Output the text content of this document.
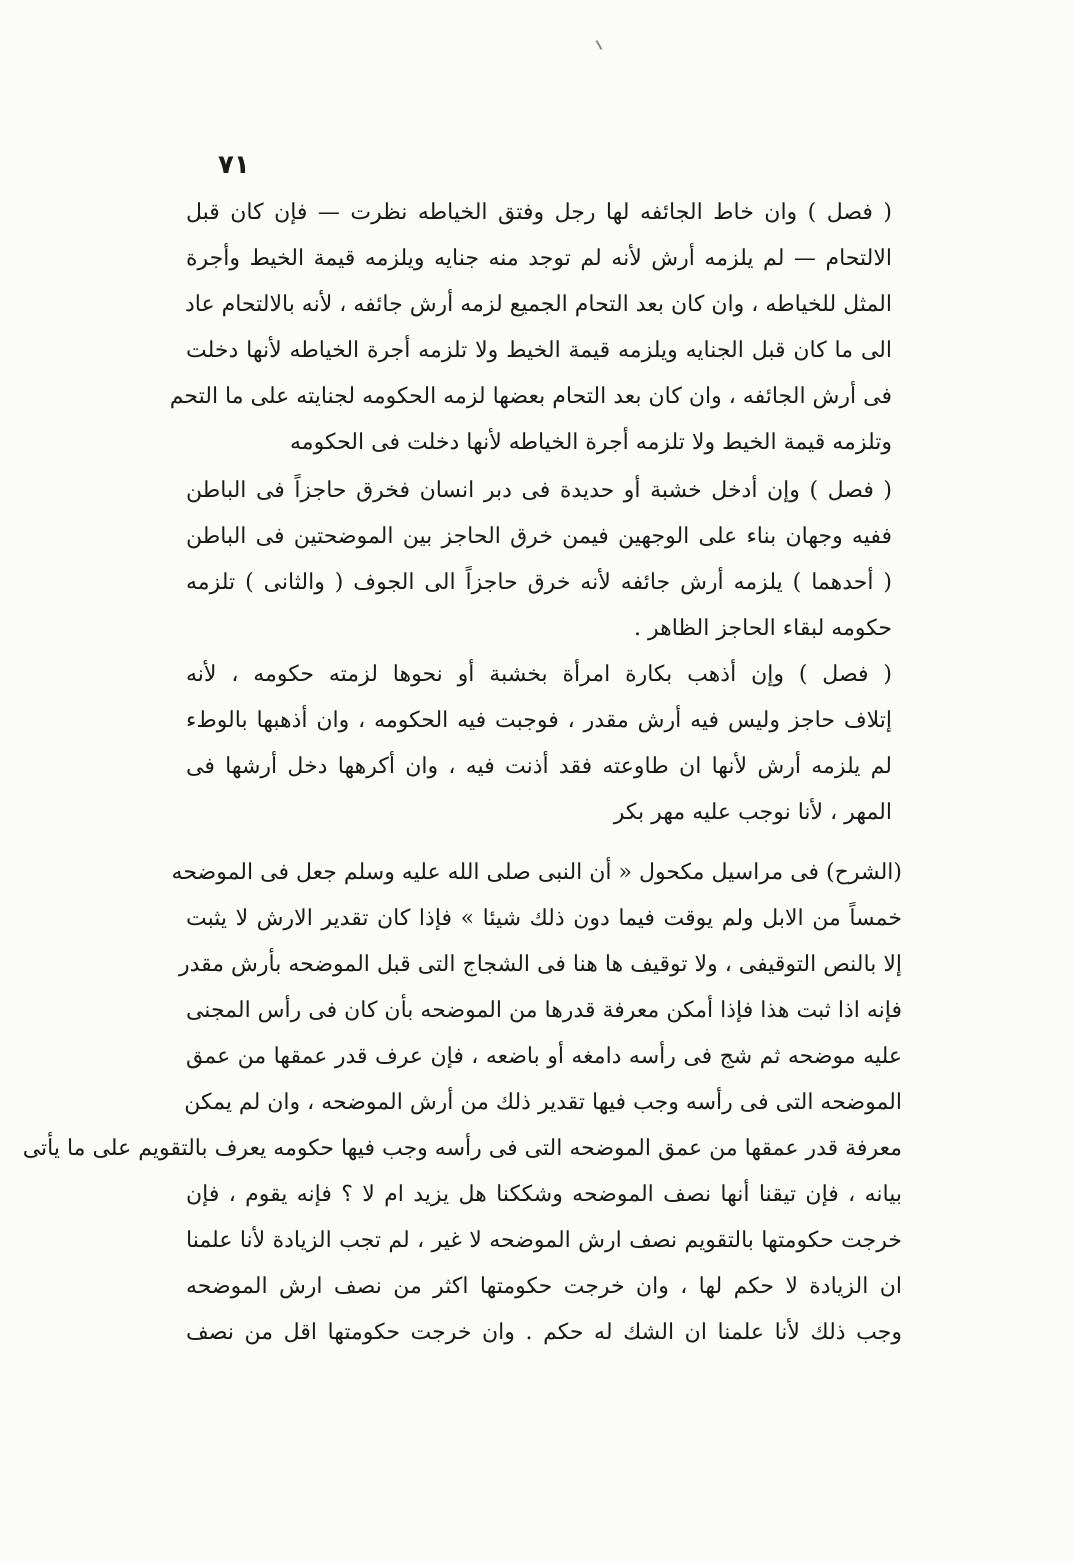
٧١
( فصل ) وان خاط الجائفه لها رجل وفتق الخياطه نظرت — فإن كان قبل
الالتحام — لم يلزمه أرش لأنه لم توجد منه جنايه ويلزمه قيمة الخيط وأجرة
المثل للخياطه ، وان كان بعد التحام الجميع لزمه أرش جائفه ، لأنه بالالتحام عاد
الى ما كان قبل الجنايه ويلزمه قيمة الخيط ولا تلزمه أجرة الخياطه لأنها دخلت
فى أرش الجائفه ، وان كان بعد التحام بعضها لزمه الحكومه لجنايته على ما التحم
وتلزمه قيمة الخيط ولا تلزمه أجرة الخياطه لأنها دخلت فى الحكومه
( فصل ) وإن أدخل خشبة أو حديدة فى دبر انسان فخرق حاجزاً فى الباطن
ففيه وجهان بناء على الوجهين فيمن خرق الحاجز بين الموضحتين فى الباطن
( أحدهما ) يلزمه أرش جائفه لأنه خرق حاجزاً الى الجوف ( والثانى ) تلزمه
حكومه لبقاء الحاجز الظاهر .
( فصل ) وإن أذهب بكارة امرأة بخشبة أو نحوها لزمته حكومه ، لأنه
إتلاف حاجز وليس فيه أرش مقدر ، فوجبت فيه الحكومه ، وان أذهبها بالوطء
لم يلزمه أرش لأنها ان طاوعته فقد أذنت فيه ، وان أكرهها دخل أرشها فى
المهر ، لأنا نوجب عليه مهر بكر
(الشرح) فى مراسيل مكحول « أن النبى صلى الله عليه وسلم جعل فى الموضحه
خمساً من الابل ولم يوقت فيما دون ذلك شيئا » فإذا كان تقدير الارش لا يثبت
إلا بالنص التوقيفى ، ولا توقيف ها هنا فى الشجاج التى قبل الموضحه بأرش مقدر
فإنه اذا ثبت هذا فإذا أمكن معرفة قدرها من الموضحه بأن كان فى رأس المجنى
عليه موضحه ثم شج فى رأسه دامغه أو باضعه ، فإن عرف قدر عمقها من عمق
الموضحه التى فى رأسه وجب فيها تقدير ذلك من أرش الموضحه ، وان لم يمكن
معرفة قدر عمقها من عمق الموضحه التى فى رأسه وجب فيها حكومه يعرف بالتقويم على ما يأتى
بيانه ، فإن تيقنا أنها نصف الموضحه وشككنا هل يزيد ام لا ؟ فإنه يقوم ، فإن
خرجت حكومتها بالتقويم نصف ارش الموضحه لا غير ، لم تجب الزيادة لأنا علمنا
ان الزيادة لا حكم لها ، وان خرجت حكومتها اكثر من نصف ارش الموضحه
وجب ذلك لأنا علمنا ان الشك له حكم . وان خرجت حكومتها اقل من نصف
